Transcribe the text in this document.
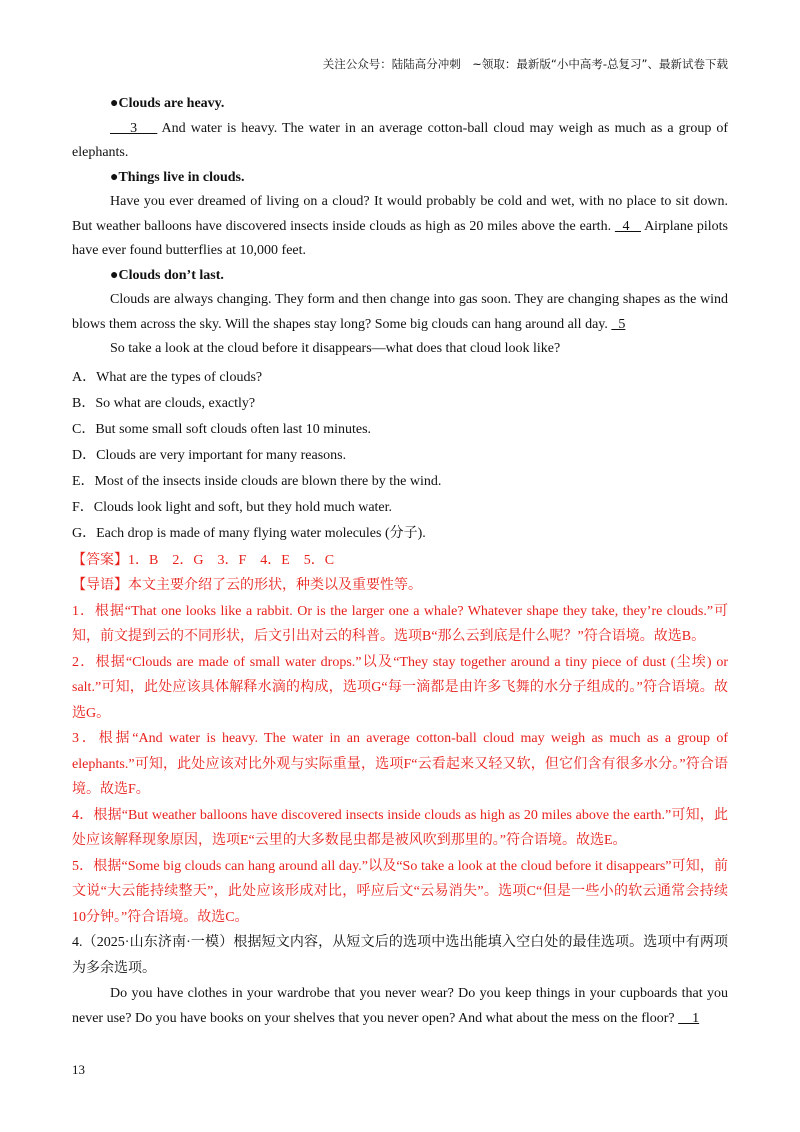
关注公众号：陆陆高分冲刺　~领取：最新版“小中高考-总复习”、最新试卷下载

●Clouds are heavy.

3     And water is heavy. The water in an average cotton-ball cloud may weigh as much as a group of elephants.

●Things live in clouds.

Have you ever dreamed of living on a cloud? It would probably be cold and wet, with no place to sit down. But weather balloons have discovered insects inside clouds as high as 20 miles above the earth.   4    Airplane pilots have ever found butterflies at 10,000 feet.

●Clouds don’t last.

Clouds are always changing. They form and then change into gas soon. They are changing shapes as the wind blows them across the sky. Will the shapes stay long? Some big clouds can hang around all day.   5

So take a look at the cloud before it disappears—what does that cloud look like?

A．What are the types of clouds?

B．So what are clouds, exactly?

C．But some small soft clouds often last 10 minutes.

D．Clouds are very important for many reasons.

E．Most of the insects inside clouds are blown there by the wind.

F．Clouds look light and soft, but they hold much water.

G．Each drop is made of many flying water molecules (分子).

【答案】1．B　2．G　3．F　4．E　5．C

【导语】本文主要介绍了云的形状，种类以及重要性等。

1．根据“That one looks like a rabbit. Or is the larger one a whale? Whatever shape they take, they’re clouds.”可知，前文提到云的不同形状，后文引出对云的科普。选项B“那么云到底是什么呢？”符合语境。故选B。

2．根据“Clouds are made of small water drops.”以及“They stay together around a tiny piece of dust (尘埃) or salt.”可知，此处应该具体解释水滴的构成，选项G“每一滴都是由许多飞舞的水分子组成的。”符合语境。故选G。

3．根据“And water is heavy. The water in an average cotton-ball cloud may weigh as much as a group of elephants.”可知，此处应该对比外观与实际重量，选项F“云看起来又轻又软，但它们含有很多水分。”符合语境。故选F。

4．根据“But weather balloons have discovered insects inside clouds as high as 20 miles above the earth.”可知，此处应该解释现象原因，选项E“云里的大多数昆虫都是被风吹到那里的。”符合语境。故选E。

5．根据“Some big clouds can hang around all day.”以及“So take a look at the cloud before it disappears”可知，前文说“大云能持续整天”，此处应该形成对比，呼应后文“云易消失”。选项C“但是一些小的软云通常会持续10分钟。”符合语境。故选C。

4.（2025·山东济南·一模）根据短文内容，从短文后的选项中选出能填入空白处的最佳选项。选项中有两项为多余选项。

Do you have clothes in your wardrobe that you never wear? Do you keep things in your cupboards that you never use? Do you have books on your shelves that you never open? And what about the mess on the floor?     1

13
